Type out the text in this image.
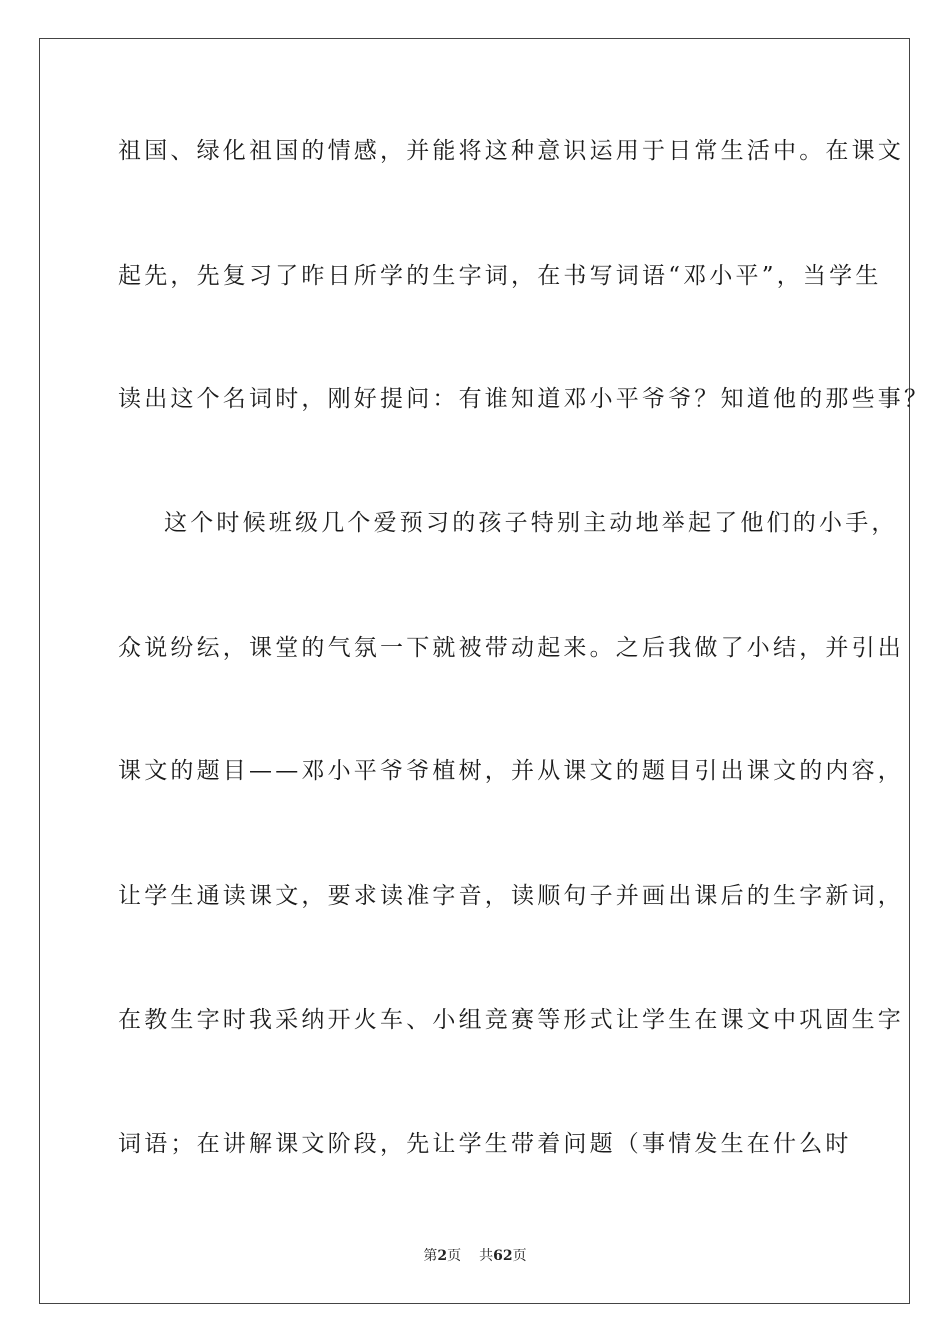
祖国、绿化祖国的情感，并能将这种意识运用于日常生活中。在课文
起先，先复习了昨日所学的生字词，在书写词语“邓小平”，当学生
读出这个名词时，刚好提问：有谁知道邓小平爷爷？知道他的那些事？
这个时候班级几个爱预习的孩子特别主动地举起了他们的小手，
众说纷纭，课堂的气氛一下就被带动起来。之后我做了小结，并引出
课文的题目——邓小平爷爷植树，并从课文的题目引出课文的内容，
让学生通读课文，要求读准字音，读顺句子并画出课后的生字新词，
在教生字时我采纳开火车、小组竞赛等形式让学生在课文中巩固生字
词语；在讲解课文阶段，先让学生带着问题（事情发生在什么时
第2页 共62页
